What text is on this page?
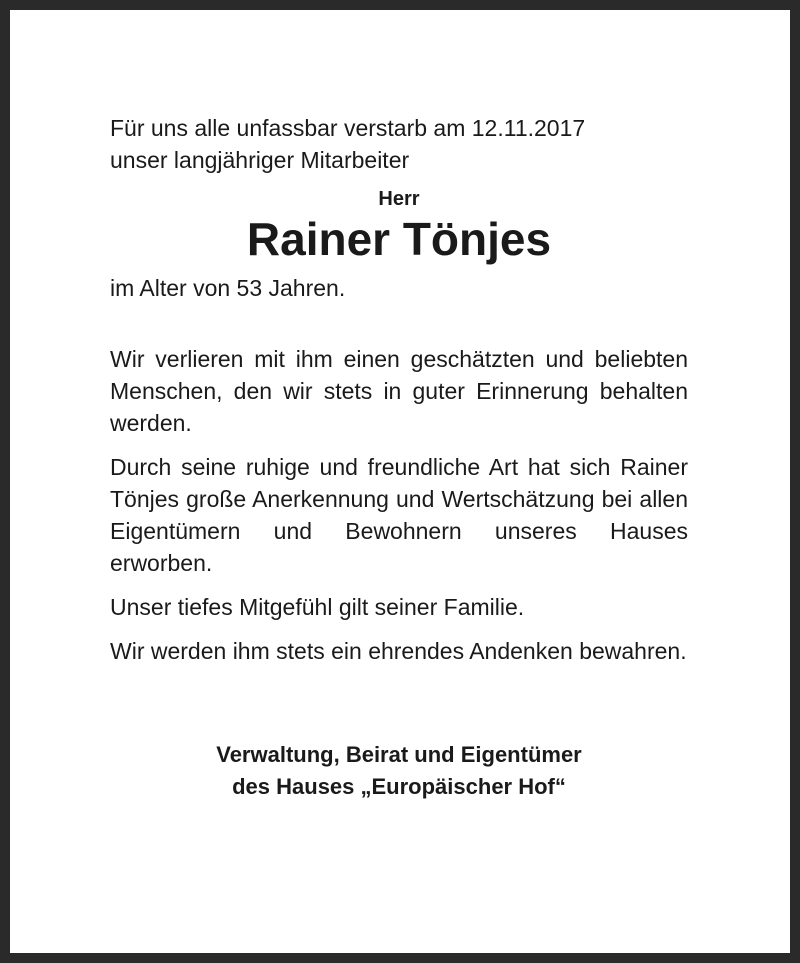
Für uns alle unfassbar verstarb am 12.11.2017
unser langjähriger Mitarbeiter

Herr

Rainer Tönjes

im Alter von 53 Jahren.

Wir verlieren mit ihm einen geschätzten und beliebten Menschen, den wir stets in guter Erinnerung behalten werden.

Durch seine ruhige und freundliche Art hat sich Rainer Tönjes große Anerkennung und Wertschätzung bei allen Eigentümern und Bewohnern unseres Hauses erworben.

Unser tiefes Mitgefühl gilt seiner Familie.

Wir werden ihm stets ein ehrendes Andenken bewahren.

Verwaltung, Beirat und Eigentümer
des Hauses „Europäischer Hof“
